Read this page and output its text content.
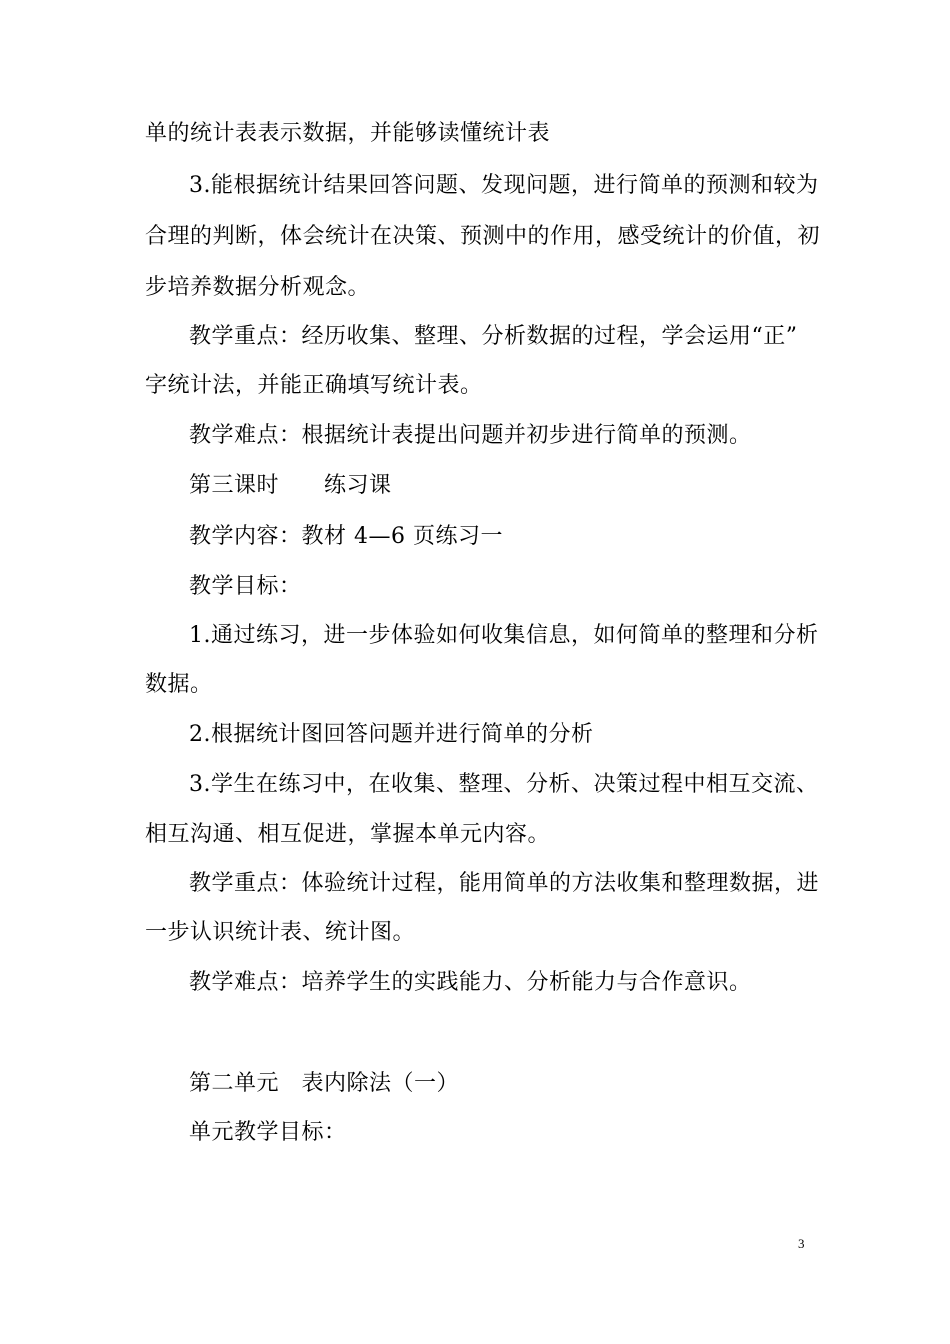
单的统计表表示数据，并能够读懂统计表
3.能根据统计结果回答问题、发现问题，进行简单的预测和较为
合理的判断，体会统计在决策、预测中的作用，感受统计的价值，初
步培养数据分析观念。
教学重点：经历收集、整理、分析数据的过程，学会运用“正”
字统计法，并能正确填写统计表。
教学难点：根据统计表提出问题并初步进行简单的预测。
第三课时　　练习课
教学内容：教材 4—6 页练习一
教学目标：
1.通过练习，进一步体验如何收集信息，如何简单的整理和分析
数据。
2.根据统计图回答问题并进行简单的分析
3.学生在练习中，在收集、整理、分析、决策过程中相互交流、
相互沟通、相互促进，掌握本单元内容。
教学重点：体验统计过程，能用简单的方法收集和整理数据，进
一步认识统计表、统计图。
教学难点：培养学生的实践能力、分析能力与合作意识。
第二单元　表内除法（一）
单元教学目标：
3
